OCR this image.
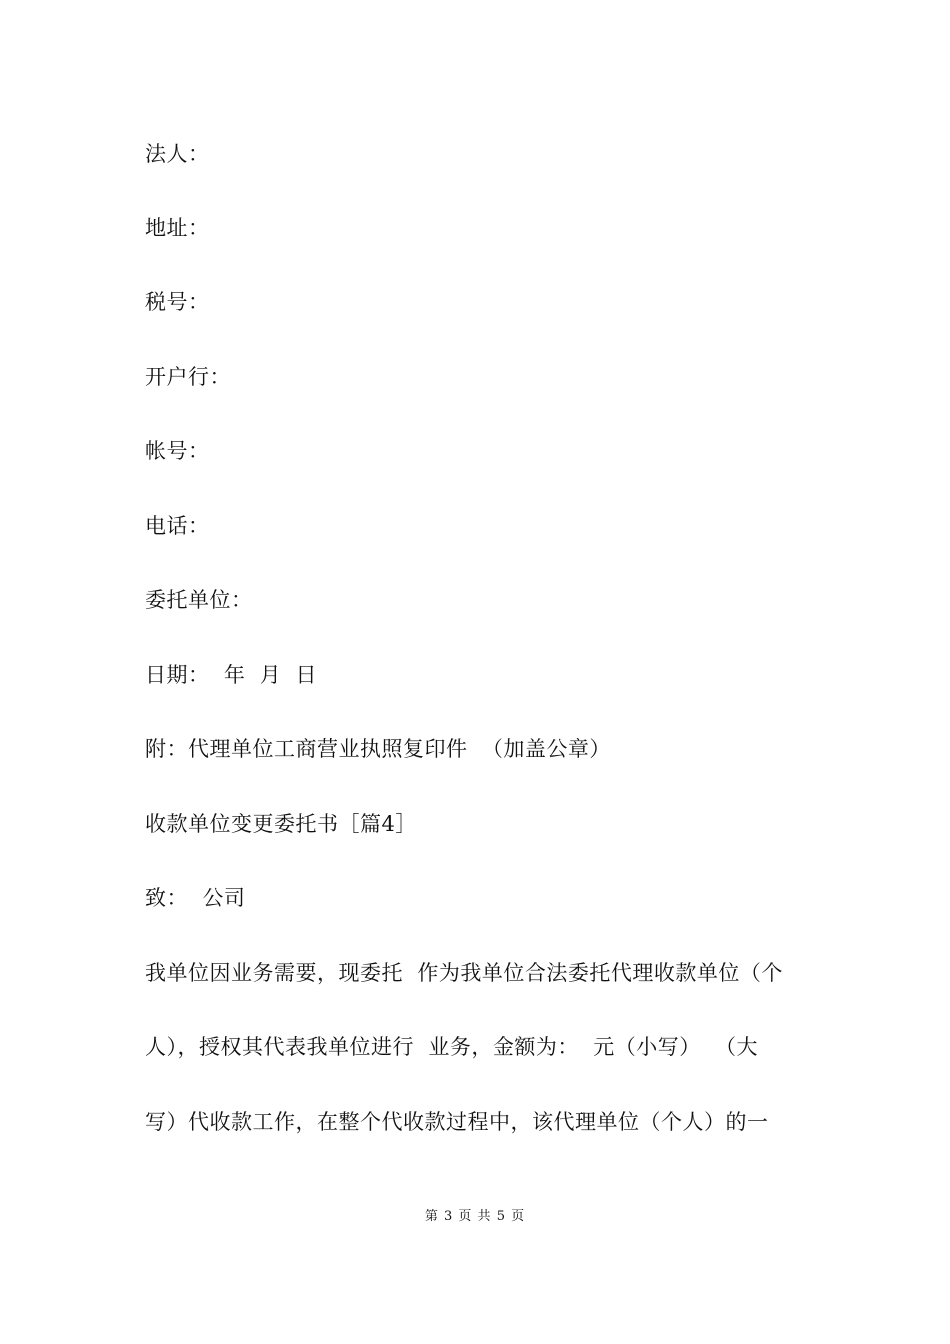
法人：
地址：
税号：
开户行：
帐号：
电话：
委托单位：
日期：  年  月  日
附：代理单位工商营业执照复印件  （加盖公章）
收款单位变更委托书［篇4］
致：  公司
我单位因业务需要，现委托  作为我单位合法委托代理收款单位（个
人），授权其代表我单位进行  业务，金额为：  元（小写）  （大
写）代收款工作，在整个代收款过程中，该代理单位（个人）的一
第 3 页 共 5 页
